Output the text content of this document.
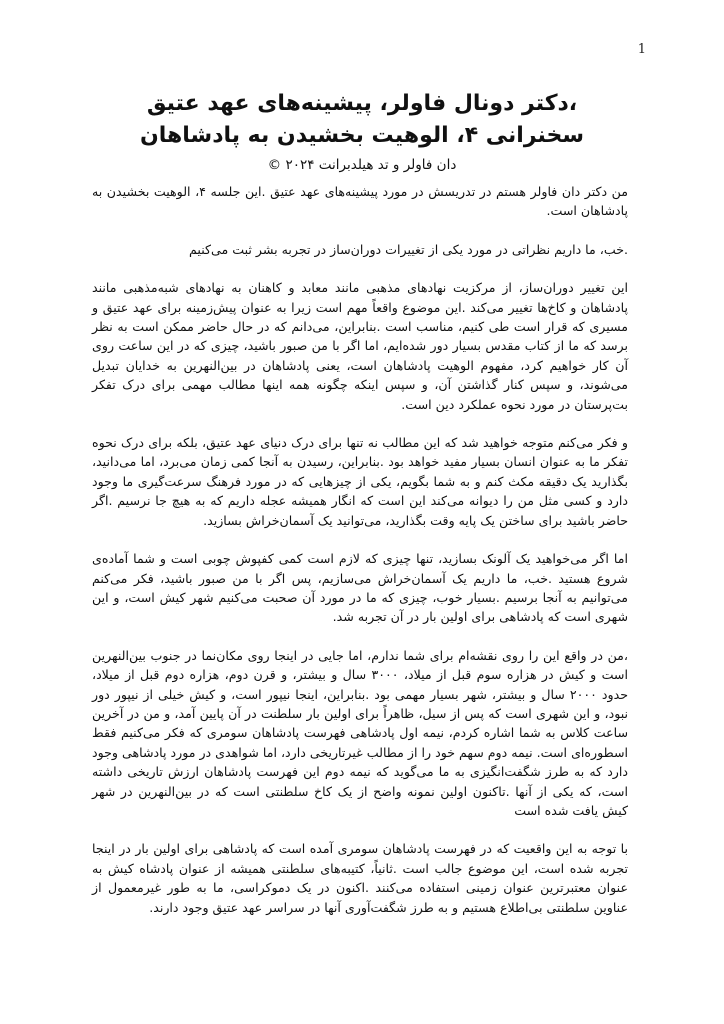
1
،دکتر دونال فاولر، پیشینه‌های عهد عتیق
سخنرانی ۴، الوهیت بخشیدن به پادشاهان
دان فاولر و تد هیلدبرانت ۲۰۲۴ ©

من دکتر دان فاولر هستم در تدریسش در مورد پیشینه‌های عهد عتیق .این جلسه ۴، الوهیت بخشیدن به پادشاهان است.

.خب، ما داریم نظراتی در مورد یکی از تغییرات دوران‌ساز در تجربه بشر ثبت می‌کنیم

این تغییر دوران‌ساز، از مرکزیت نهادهای مذهبی مانند معابد و کاهنان به نهادهای شبه‌مذهبی مانند پادشاهان و کاخ‌ها تغییر می‌کند .این موضوع واقعاً مهم است زیرا به عنوان پیش‌زمینه برای عهد عتیق و مسیری که قرار است طی کنیم، مناسب است .بنابراین، می‌دانم که در حال حاضر ممکن است به نظر برسد که ما از کتاب مقدس بسیار دور شده‌ایم، اما اگر با من صبور باشید، چیزی که در این ساعت روی آن کار خواهیم کرد، مفهوم الوهیت پادشاهان است، یعنی پادشاهان در بین‌النهرین به خدایان تبدیل می‌شوند، و سپس کنار گذاشتن آن، و سپس اینکه چگونه همه اینها مطالب مهمی برای درک تفکر بت‌پرستان در مورد نحوه عملکرد دین است.

و فکر می‌کنم متوجه خواهید شد که این مطالب نه تنها برای درک دنیای عهد عتیق، بلکه برای درک نحوه تفکر ما به عنوان انسان بسیار مفید خواهد بود .بنابراین، رسیدن به آنجا کمی زمان می‌برد، اما می‌دانید، بگذارید یک دقیقه مکث کنم و به شما بگویم، یکی از چیزهایی که در مورد فرهنگ سرعت‌گیری ما وجود دارد و کسی مثل من را دیوانه می‌کند این است که انگار همیشه عجله داریم که به هیچ جا نرسیم .اگر حاضر باشید برای ساختن یک پایه وقت بگذارید، می‌توانید یک آسمان‌خراش بسازید.

اما اگر می‌خواهید یک آلونک بسازید، تنها چیزی که لازم است کمی کفپوش چوبی است و شما آماده‌ی شروع هستید .خب، ما داریم یک آسمان‌خراش می‌سازیم، پس اگر با من صبور باشید، فکر می‌کنم می‌توانیم به آنجا برسیم .بسیار خوب، چیزی که ما در مورد آن صحبت می‌کنیم شهر کیش است، و این شهری است که پادشاهی برای اولین بار در آن تجربه شد.

،من در واقع این را روی نقشه‌ام برای شما ندارم، اما جایی در اینجا روی مکان‌نما در جنوب بین‌النهرین است و کیش در هزاره سوم قبل از میلاد، ۳۰۰۰ سال و بیشتر، و قرن دوم، هزاره دوم قبل از میلاد، حدود ۲۰۰۰ سال و بیشتر، شهر بسیار مهمی بود .بنابراین، اینجا نیپور است، و کیش خیلی از نیپور دور نبود، و این شهری است که پس از سیل، ظاهراً برای اولین بار سلطنت در آن پایین آمد، و من در آخرین ساعت کلاس به شما اشاره کردم، نیمه اول پادشاهی فهرست پادشاهان سومری که فکر می‌کنیم فقط اسطوره‌ای است. نیمه دوم سهم خود را از مطالب غیرتاریخی دارد، اما شواهدی در مورد پادشاهی وجود دارد که به طرز شگفت‌انگیزی به ما می‌گوید که نیمه دوم این فهرست پادشاهان ارزش تاریخی داشته است، که یکی از آنها .تاکنون اولین نمونه واضح از یک کاخ سلطنتی است که در بین‌النهرین در شهر کیش یافت شده است

با توجه به این واقعیت که در فهرست پادشاهان سومری آمده است که پادشاهی برای اولین بار در اینجا تجربه شده است، این موضوع جالب است .ثانیاً، کتیبه‌های سلطنتی همیشه از عنوان پادشاه کیش به عنوان معتبرترین عنوان زمینی استفاده می‌کنند .اکنون در یک دموکراسی، ما به طور غیرمعمول از عناوین سلطنتی بی‌اطلاع هستیم و به طرز شگفت‌آوری آنها در سراسر عهد عتیق وجود دارند.
